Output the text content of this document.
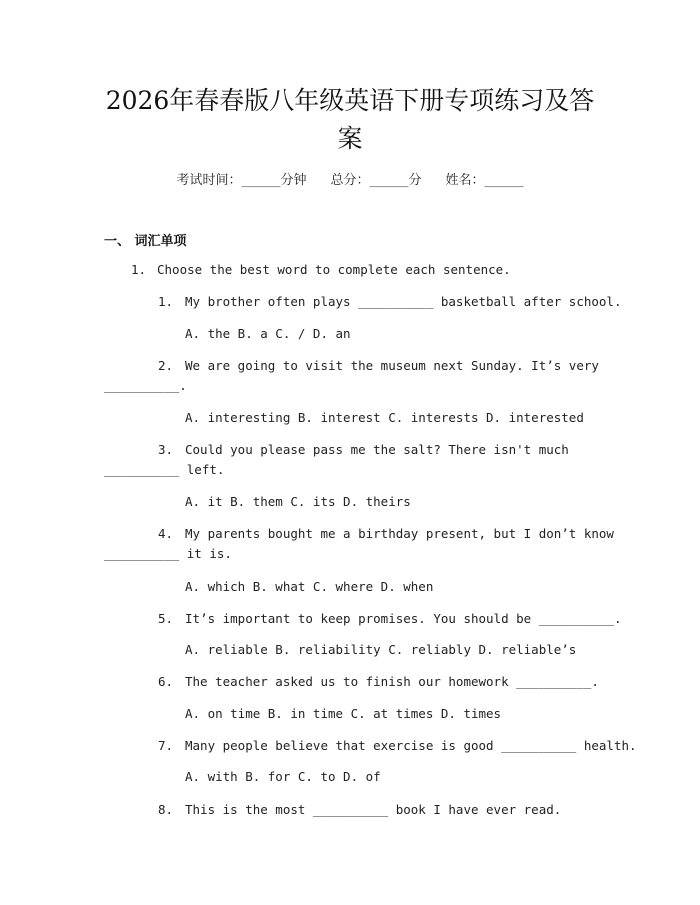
2026年春春版八年级英语下册专项练习及答
案
考试时间：______分钟 总分：______分 姓名：______
一、 词汇单项
1. Choose the best word to complete each sentence.
1. My brother often plays __________ basketball after school.
A. the B. a C. / D. an
2. We are going to visit the museum next Sunday. It’s very
__________.
A. interesting B. interest C. interests D. interested
3. Could you please pass me the salt? There isn't much
__________ left.
A. it B. them C. its D. theirs
4. My parents bought me a birthday present, but I don’t know
__________ it is.
A. which B. what C. where D. when
5. It’s important to keep promises. You should be __________.
A. reliable B. reliability C. reliably D. reliable’s
6. The teacher asked us to finish our homework __________.
A. on time B. in time C. at times D. times
7. Many people believe that exercise is good __________ health.
A. with B. for C. to D. of
8. This is the most __________ book I have ever read.
